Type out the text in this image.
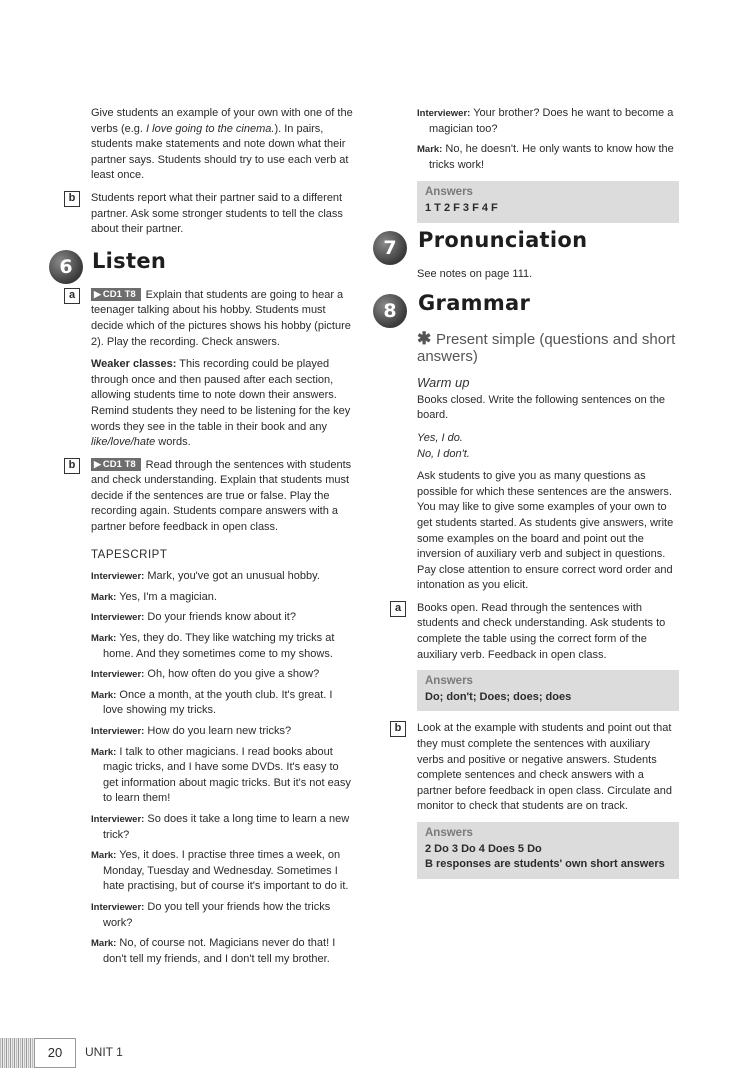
Give students an example of your own with one of the verbs (e.g. I love going to the cinema.). In pairs, students make statements and note down what their partner says. Students should try to use each verb at least once.

b	Students report what their partner said to a different partner. Ask some stronger students to tell the class about their partner.

6 Listen
a	▶ CD1 T8 Explain that students are going to hear a teenager talking about his hobby. Students must decide which of the pictures shows his hobby (picture 2). Play the recording. Check answers.

Weaker classes: This recording could be played through once and then paused after each section, allowing students time to note down their answers. Remind students they need to be listening for the key words they see in the table in their book and any like/love/hate words.

b	▶ CD1 T8 Read through the sentences with students and check understanding. Explain that students must decide if the sentences are true or false. Play the recording again. Students compare answers with a partner before feedback in open class.

TAPESCRIPT

Interviewer: Mark, you've got an unusual hobby.

Mark: Yes, I'm a magician.

Interviewer: Do your friends know about it?

Mark: Yes, they do. They like watching my tricks at home. And they sometimes come to my shows.

Interviewer: Oh, how often do you give a show?

Mark: Once a month, at the youth club. It's great. I love showing my tricks.

Interviewer: How do you learn new tricks?

Mark: I talk to other magicians. I read books about magic tricks, and I have some DVDs. It's easy to get information about magic tricks. But it's not easy to learn them!

Interviewer: So does it take a long time to learn a new trick?

Mark: Yes, it does. I practise three times a week, on Monday, Tuesday and Wednesday. Sometimes I hate practising, but of course it's important to do it.

Interviewer: Do you tell your friends how the tricks work?

Mark: No, of course not. Magicians never do that! I don't tell my friends, and I don't tell my brother.

Interviewer: Your brother? Does he want to become a magician too?

Mark: No, he doesn't. He only wants to know how the tricks work!

Answers
1 T 2 F 3 F 4 F
7	Pronunciation

See notes on page 111.

8	Grammar
✱ Present simple (questions and short answers)
Warm up

Books closed. Write the following sentences on the board.

Yes, I do.
No, I don't.

Ask students to give you as many questions as possible for which these sentences are the answers. You may like to give some examples of your own to get students started. As students give answers, write some examples on the board and point out the inversion of auxiliary verb and subject in questions. Pay close attention to ensure correct word order and intonation as you elicit.

a	Books open. Read through the sentences with students and check understanding. Ask students to complete the table using the correct form of the auxiliary verb. Feedback in open class.

Answers
Do; don't; Does; does; does
b	Look at the example with students and point out that they must complete the sentences with auxiliary verbs and positive or negative answers. Students complete sentences and check answers with a partner before feedback in open class. Circulate and monitor to check that students are on track.

Answers
2 Do 3 Do 4 Does 5 Do
B responses are students' own short answers
20	UNIT 1
